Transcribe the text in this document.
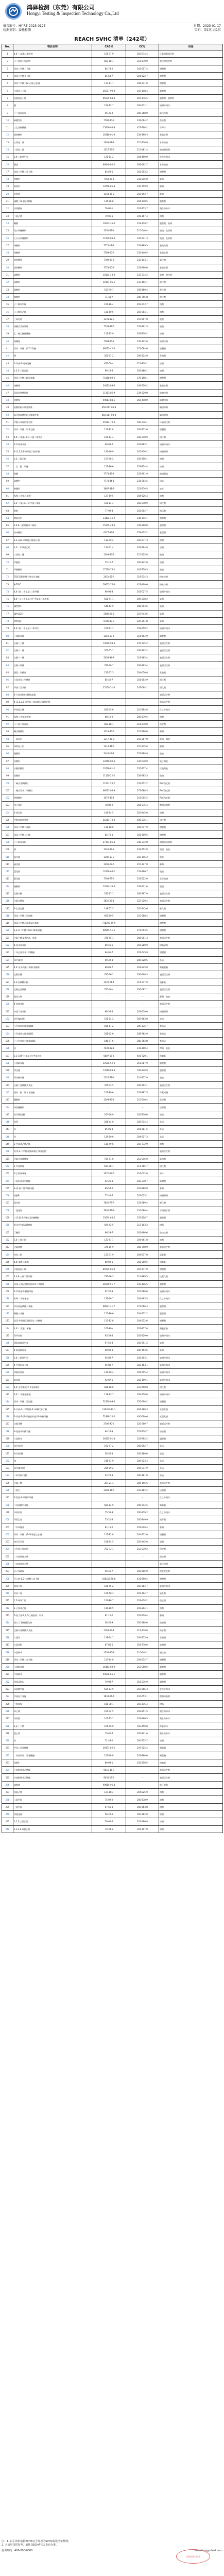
鸿驿检测（东莞）有限公司
Hongyi Testing & Inspection Technology Co.,Ltd
报告编号：HY-RE-2023-0123	日期：2023-01-17
检测类别：委托检测	页码：第1页 共1页
REACH SVHC 清单（242项）
No.	物质名称	CAS号	EC号	用途
1	4,4'-二氨基二苯甲烷	101-77-9	202-974-4	环氧树脂固化剂
2	二丁基锡二氯化物	683-18-1	211-670-0	聚合物稳定剂
3	邻苯二甲酸二丁酯	84-74-2	201-557-4	增塑剂
4	邻苯二甲酸苄丁酯	85-68-7	201-622-7	增塑剂
5	邻苯二甲酸二(2-乙基己基)酯	117-81-7	204-211-0	增塑剂
6	六溴环十二烷	25637-99-4	247-148-4	阻燃剂
7	短链氯化石蜡	85535-84-8	287-476-5	阻燃剂、润滑剂
8	蒽	120-12-7	204-371-1	染料中间体
9	三丁基氧化锡	56-35-9	200-268-0	防污涂料
10	砷酸氢铅	7784-40-9	232-064-2	杀虫剂
11	三乙基砷酸酯	15606-95-8	427-700-2	半导体
12	重铬酸钠	10588-01-9	234-190-3	金属处理
13	五氧化二砷	1303-28-2	215-116-9	木材防腐
14	三氧化二砷	1327-53-3	215-481-4	玻璃澄清剂
15	2,4-二硝基甲苯	121-14-2	204-450-0	炸药中间体
16	蒽油	90640-80-5	292-602-7	木材防腐
17	邻苯二甲酸二异丁酯	84-69-5	201-553-2	增塑剂
18	铬酸铅	7758-97-6	231-846-0	颜料
19	钼铬红	12656-85-8	235-759-9	颜料
20	铅铬黄	1344-37-2	215-693-7	颜料
21	磷酸三(2-氯乙基)酯	115-96-8	204-118-5	阻燃剂
22	丙烯酰胺	79-06-1	201-173-7	聚合物单体
23	三氯乙烯	79-01-6	201-167-4	溶剂
24	硼酸	10043-35-3	233-139-2	阻燃剂、玻璃
25	无水四硼酸钠	1330-43-4	215-540-4	玻璃、洗涤剂
26	七水合四硼酸钠	12179-04-3	235-541-3	玻璃、洗涤剂
27	铬酸钠	7775-11-3	231-889-5	金属处理
28	铬酸钾	7789-00-6	232-140-5	金属处理
29	重铬酸铵	7789-09-5	232-143-1	氧化剂
30	重铬酸钾	7778-50-9	231-906-6	金属处理
31	硫酸钴	10124-43-3	233-334-2	电镀、催化剂
32	硝酸钴	10141-05-6	233-402-1	催化剂
33	碳酸钴	513-79-1	208-169-4	催化剂
34	醋酸钴	71-48-7	200-755-8	催化剂
35	乙二醇单甲醚	109-86-4	203-713-7	溶剂
36	乙二醇单乙醚	110-80-5	203-804-1	溶剂
37	三氧化铬	1333-82-0	215-607-8	电镀
38	铬酸及其低聚物	7738-94-5	231-801-5	电镀
39	乙二醇乙醚醋酸酯	111-15-9	203-839-2	溶剂
40	铬酸锶	7789-06-2	232-142-6	防腐涂料
41	邻苯二甲酸二(C7-11)酯	68515-42-4	271-084-6	增塑剂
42	肼	302-01-2	206-114-9	发泡剂
43	1-甲基-2-吡咯烷酮	872-50-4	212-828-1	溶剂
44	1,2,3-三氯丙烷	96-18-4	202-486-1	溶剂
45	邻苯二甲酸二(C6-8)酯	71888-89-6	276-158-1	增塑剂
46	铬酸铬	24613-89-6	246-356-2	金属处理
47	氢氧化铬酸锌钾	11103-86-9	234-329-8	防腐涂料
48	铬酸锌	49663-84-5	256-418-0	防腐涂料
49	硅酸铝耐火陶瓷纤维	650-017-00-8	-	隔热材料
50	氧化锆硅酸铝耐火陶瓷纤维	650-017-00-8	-	隔热材料
51	甲醛与苯胺的聚合物	25214-70-4	500-036-1	环氧固化剂
52	邻苯二甲酸二甲氧乙酯	117-82-8	204-212-6	增塑剂
53	4,4'-二氨基-3,3'-二氯二苯甲烷	101-14-4	202-918-9	固化剂
54	2-甲氧基苯胺	90-04-0	201-963-1	染料中间体
55	4-(1,1,3,3-四甲基丁基)苯酚	140-66-9	205-426-2	树脂原料
56	1,2-二氯乙烷	107-06-2	203-458-1	溶剂
57	二乙二醇二甲醚	111-96-6	203-924-4	溶剂
58	砷酸	7778-39-4	231-901-9	玻璃制造
59	砷酸钙	7778-44-1	231-904-5	冶炼
60	砷酸铅	3687-31-8	222-979-5	冶炼
61	N,N-二甲基乙酰胺	127-19-5	204-826-4	溶剂
62	2,2'-二氯-4,4'-亚甲基二苯胺	101-14-4	202-918-9	固化剂
63	酚酞	77-09-8	201-004-7	指示剂
64	叠氮化铅	13424-46-9	236-542-1	起爆剂
65	2,4,6-三硝基间苯二酚铅	15245-44-0	239-290-0	起爆剂
66	苦味酸铅	6477-64-1	229-335-2	起爆剂
67	1,2-双(2-甲氧基乙氧基)乙烷	112-49-2	203-977-3	溶剂
68	1,2-二甲氧基乙烷	110-71-4	203-794-9	溶剂
69	三氧化二硼	1303-86-2	215-125-8	玻璃
70	甲酰胺	75-12-7	200-842-0	溶剂
71	甲磺酸铅	17570-76-2	401-750-5	电镀
72	TGIC异氰尿酸三缩水甘油酯	2451-62-9	219-514-3	粉末涂料
73	β-TGIC	59653-74-6	423-400-0	粉末涂料
74	4,4'-双(二甲氨基)二苯甲酮	90-94-8	202-027-5	染料中间体
75	4,4'-二(二甲氨基)-4''-甲氨基三苯甲醇	561-41-1	209-218-2	染料
76	碱性紫3	548-62-9	208-953-6	染料
77	碱性蓝26	2580-56-5	219-943-6	染料
78	溶剂蓝4	6786-83-0	229-851-8	染料
79	4,4'-双(二甲氨基)二苯甲烷	101-61-1	202-959-2	染料中间体
80	十溴联苯醚	1163-19-5	214-604-9	阻燃剂
81	全氟十三酸	72629-94-8	276-745-2	表面活性剂
82	全氟十二酸	307-55-1	206-203-2	表面活性剂
83	全氟十一酸	2058-94-8	218-165-4	表面活性剂
84	全氟十四酸	376-06-7	206-803-4	表面活性剂
85	偶氮二甲酰胺	123-77-3	204-650-8	发泡剂
86	六氢邻苯二甲酸酐	85-42-7	201-604-9	固化剂
87	甲基六氢苯酐	25550-51-0	247-094-1	固化剂
88	4-壬基苯酚(支链和直链)	-	-	表面活性剂
89	4-(1,1,3,3-四甲基丁基)苯酚乙氧基化物	-	-	表面活性剂
90	甲氧基乙酸	625-45-6	210-894-6	化工中间体
91	N,N-二甲基甲酰胺	68-12-2	200-679-5	溶剂
92	二丁基二氯化锡	683-18-1	211-670-0	稳定剂
93	碱式碳酸铅	1319-46-6	215-290-6	颜料
94	一氧化铅	1317-36-8	215-267-0	玻璃、陶瓷
95	四氧化三铅	1314-41-6	215-235-6	颜料
96	硫酸铅	7446-14-2	231-198-9	电池
97	钛酸铅	12060-00-3	235-038-9	电子陶瓷
98	钛酸锆酸铅	12626-81-2	235-727-4	压电陶瓷
99	硅酸铅	11120-22-2	234-363-3	玻璃
100	二碱式亚磷酸铅	12141-20-7	235-252-2	PVC稳定剂
101	二碱式邻苯二甲酸铅	69011-06-9	273-688-5	PVC稳定剂
102	硬脂酸铅	1072-35-1	214-005-2	PVC稳定剂
103	四乙基铅	78-00-2	201-075-4	燃料添加剂
104	1-溴丙烷	106-94-5	203-445-0	溶剂
105	甲醛苯胺低聚物	25214-70-4	500-036-1	固化剂
106	邻苯二甲酸二戊酯	131-18-0	205-017-9	增塑剂
107	邻苯二甲酸二己酯	84-75-3	201-559-5	增塑剂
108	十二烷基苯酚	27193-86-8	248-312-8	润滑油添加剂
109	镉	7440-43-9	231-152-8	电镀、电池
110	氧化镉	1306-19-0	215-146-2	电池
111	硫化镉	1306-23-6	215-147-8	颜料
112	氯化镉	10108-64-2	233-296-7	电镀
113	氟化镉	7790-79-6	232-222-0	光学玻璃
114	硫酸镉	10124-36-4	233-331-6	电镀
115	全氟辛酸	335-67-1	206-397-9	表面活性剂
116	全氟辛酸铵	3825-26-1	223-320-4	表面活性剂
117	2-乙基己酸	149-57-5	205-743-6	催化剂
118	邻苯二甲酸二异戊酯	605-50-5	210-088-4	增塑剂
119	邻苯二甲酸正戊基异戊基酯	776297-69-9	-	增塑剂
120	1,2-苯二甲酸二(C6-10)烷基酯	68515-51-5	271-093-5	增塑剂
121	全氟壬酸及其钠盐、铵盐	375-95-1	206-801-3	表面活性剂
122	4-叔戊基苯酚	80-46-6	201-280-9	树脂原料
123	二环己基邻苯二甲酸酯	84-61-7	201-545-9	增塑剂
124	苯并[a]芘	50-32-8	200-028-5	杂质
125	4,4'-亚异丙基二苯酚(双酚A)	80-05-7	201-245-8	聚碳酸酯
126	全氟癸酸	335-76-2	206-400-3	表面活性剂
127	1,3-丙磺酸内酯	1120-71-4	214-317-9	电解液
128	全氟己基磺酸	355-46-4	206-587-1	表面活性剂
129	镉化合物	-	-	颜料、电池
130	4-庚基苯酚	-	-	表面活性剂
131	对叔丁基苯酚	98-54-4	202-679-0	树脂原料
132	苯并[ghi]苝	191-24-2	205-883-8	杂质
133	八甲基环四硅氧烷D4	556-67-2	209-136-7	有机硅
134	十甲基环五硅氧烷D5	541-02-6	208-764-9	有机硅
135	十二甲基环六硅氧烷D6	540-97-6	208-762-8	有机硅
136	铅	7439-92-1	231-100-4	焊料、电池
137	2,2-双(4'-羟苯基)-4-甲基戊烷	6807-17-6	401-720-1	热敏纸
138	八溴联苯醚	32536-52-0	251-087-9	阻燃剂
139	得克隆	13560-89-9	236-948-9	阻燃剂
140	丙烷磺内酯	1120-71-4	214-317-9	电池
141	全氟丁基磺酸及其盐	375-73-5	206-793-1	表面活性剂
142	间苯二酚二缩水甘油醚	101-90-6	202-987-5	环氧树脂
143	硼酸钠	1303-96-4	215-540-4	洗涤剂
144	四氢硼酸钠	-	-	还原剂
145	苯并[k]荧蒽	207-08-9	205-916-6	杂质
146	荧蒽	206-44-0	205-912-4	杂质
147	菲	85-01-8	201-581-5	杂质
148	芘	129-00-0	204-927-3	杂质
149	2-甲氧基乙酸乙酯	110-49-6	203-772-9	溶剂
150	对(1,1-二甲基丙基)苯酚乙氧基化物	-	-	表面活性剂
151	全氟辛基磺酰胺	754-91-6	212-046-0	防水剂
152	2-甲基咪唑	693-98-1	211-765-7	固化剂
153	1-乙烯基咪唑	1072-63-5	214-012-0	单体
154	丁基羟基苯甲酸酯	94-26-8	202-318-7	防腐剂
155	2-(4-叔丁基苄基)丙醛	80-54-6	201-289-8	香料
156	双酚B	77-40-7	201-025-1	树脂原料
157	氯化钴	7646-79-9	231-589-4	催化剂
158	二氯化钴	7646-79-9	231-589-4	干燥指示剂
159	三(2-氯-1-甲基乙基)磷酸酯	13674-84-5	237-158-7	阻燃剂
160	N-(羟甲基)丙烯酰胺	924-42-5	213-103-2	树脂
161	丁酮肟	96-29-7	202-496-6	防结皮剂
162	1,4-二氧六环	123-91-1	204-661-8	溶剂
163	全氟庚酸	375-85-9	206-798-9	表面活性剂
164	对苯二酚	123-31-9	204-617-8	显影剂
165	4,4'-磺酰二苯酚	80-09-1	201-250-5	热敏纸
166	中链氯化石蜡	85535-85-9	287-477-0	增塑剂
167	2,4,6-三叔丁基苯酚	732-26-3	211-989-5	抗氧化剂
168	双(2-乙基己基)四溴邻苯二甲酸酯	26040-51-7	247-426-5	阻燃剂
169	2-甲氧基-4-硝基苯胺	97-52-9	202-588-6	染料中间体
170	N,N-二甲基苯胺	121-69-7	204-493-5	化工中间体
171	异丙基化磷酸三苯酯	68937-41-7	273-066-3	阻燃剂
172	磷酸三苯酯	115-86-6	204-112-2	阻燃剂
173	双(2-甲氧基乙基)邻苯二甲酸酯	117-82-8	204-212-6	增塑剂
174	4,4'-二氨基二苯醚	101-80-4	202-977-0	聚酰亚胺
175	邻甲苯胺	95-53-4	202-429-0	染料中间体
176	邻氨基偶氮甲苯	97-56-3	202-591-2	染料
177	4-氨基偶氮苯	60-09-3	200-453-6	染料
178	2,4-二氨基甲苯	95-80-7	202-453-1	染料中间体
179	4-甲基间苯二胺	95-80-7	202-453-1	染料中间体
180	邻联茴香胺	119-90-4	204-355-4	染料中间体
181	联苯胺	92-87-5	202-199-1	染料中间体
182	4,4'-亚甲基双(2-甲基苯胺)	838-88-0	212-658-8	固化剂
183	3,3'-二甲基联苯胺	119-93-7	204-358-0	染料中间体
184	邻苯二甲酸二异己酯	71850-09-4	276-090-2	增塑剂
185	2-苄基-2-二甲氨基-4'-吗啉代苯丁酮	119313-12-1	404-360-3	光引发剂
186	2-甲基-1-(4-甲硫基苯基)-2-吗啉丙酮	71868-10-5	400-600-6	光引发剂
187	全氟戊酸	2706-90-3	220-300-7	表面活性剂
188	4-羟基苯甲酸丁酯	94-26-8	202-318-7	防腐剂
189	六溴联苯	36355-01-8	252-994-2	阻燃剂
190	苯并[e]芘	192-97-2	205-892-7	杂质
191	苯并[a]蒽	56-55-3	200-280-6	杂质
192	䓛	218-01-9	205-923-4	杂质
193	苯并[b]荧蒽	205-99-2	205-911-9	杂质
194	二苯并[a,h]蒽	53-70-3	200-181-8	杂质
195	全氟己酸	307-24-4	206-196-6	表面活性剂
196	三氯生	3380-34-5	222-182-2	抗菌剂
197	2-氨基-3-甲基苯甲酸	-	-	化工中间体
198	二异氰酸甲苯酯	584-84-9	209-544-5	聚氨酯
199	环氧丙烷	75-56-9	200-879-2	化工中间体
200	环氧乙烷	75-21-8	200-849-9	消毒剂
201	二甲苯麝香	81-15-2	201-329-4	香料
202	邻苯二甲酸二(2-甲氧基乙基)酯	117-82-8	204-212-6	增塑剂
203	溴代正丙烷	106-94-5	203-445-0	溶剂
204	二甲基二氯化锡	753-73-1	212-039-2	稳定剂
205	二辛基锡化合物	-	-	稳定剂
206	三苯基锡化合物	-	-	防污涂料
207	亚乙基硫脲	96-45-7	202-506-9	橡胶促进剂
208	环己烷-1,2-二羧酸二异壬酯	166412-78-8	431-890-2	增塑剂
209	间苯二胺	108-45-2	203-584-7	染料中间体
210	对苯二胺	106-50-3	203-404-7	染发剂
211	1,2-环氧丁烷	106-88-7	203-438-2	稳定剂
212	2-乙氧基乙醇	110-80-5	203-804-1	溶剂
213	5-叔丁基-2,4,6-三硝基间二甲苯	81-15-2	201-329-4	香料
214	双(三丁基锡)氧化物	56-35-9	200-268-0	防腐剂
215	全氟辛基磺酸及其盐	1763-23-1	217-179-8	防水剂
216	六氯苯	118-74-1	204-273-9	杀菌剂
217	五氯苯酚	87-86-5	201-778-6	防腐剂
218	多氯联苯	1336-36-3	215-648-1	绝缘油
219	邻苯二甲酸二正辛酯	117-84-0	204-214-7	增塑剂
220	六溴联苯醚	36483-60-0	253-058-6	阻燃剂
221	多溴联苯	59536-65-1	-	阻燃剂
222	四溴双酚A	79-94-7	201-236-9	阻燃剂
223	异氰酸甲酯	624-83-9	210-866-3	农药中间体
224	甲基叔丁基醚	1634-04-4	216-653-1	燃料添加剂
225	三聚氰胺	108-78-1	203-615-4	树脂
226	苯乙烯	100-42-5	202-851-5	聚合物单体
227	丙烯腈	107-13-1	203-466-5	聚合物单体
228	1,3-丁二烯	106-99-0	203-450-8	橡胶单体
229	氯乙烯	75-01-4	200-831-0	聚合物单体
230	苯	71-43-2	200-753-7	溶剂
231	甲苯二异氰酸酯	26471-62-5	247-722-4	聚氨酯
232	二苯基甲烷二异氰酸酯	101-68-8	202-966-0	聚氨酯
233	双酚S	80-09-1	201-250-5	热敏纸
234	壬基酚聚氧乙烯醚	9016-45-9	-	表面活性剂
235	辛基酚聚氧乙烯醚	9036-19-5	-	表面活性剂
236	富勒烯	99685-96-8	-	电子材料
237	四氯乙烯	127-18-4	204-825-9	溶剂
238	二氯甲烷	75-09-2	200-838-9	溶剂
239	三氯甲烷	67-66-3	200-663-8	溶剂
240	四氯化碳	56-23-5	200-262-8	溶剂
241	1,1,2-三氯乙烷	79-00-5	201-166-9	溶剂
242	1,1,2,2-四氯乙烷	79-34-5	201-197-8	溶剂
注：1. 以上清单依据ECHA官方发布的SVHC候选清单整理。
2. 本清单仅供参考，最终以ECHA官方发布为准。
咨询热线：400-000-0000	www.hongyi-test.com
鸿驿检测专用章
